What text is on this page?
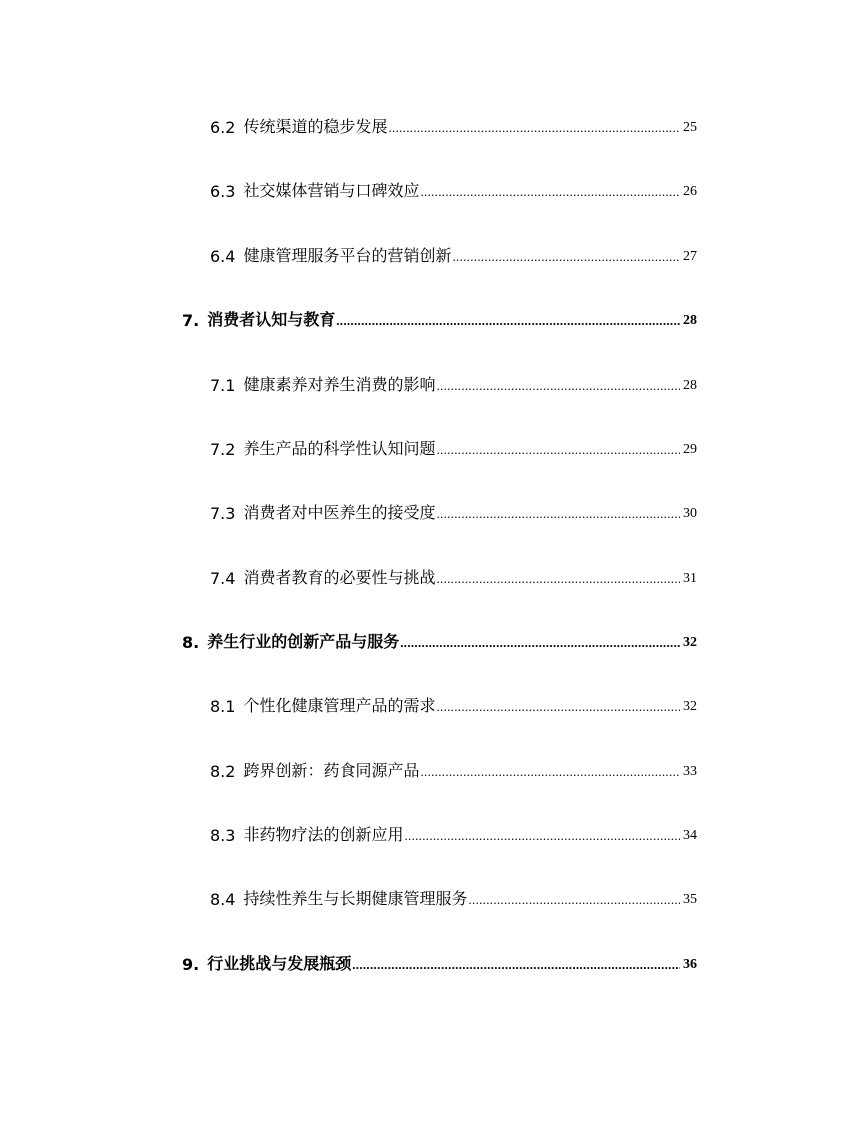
6.2 传统渠道的稳步发展 .....	25
6.3 社交媒体营销与口碑效应 .....	26
6.4 健康管理服务平台的营销创新 .....	27
7. 消费者认知与教育 .....	28
7.1 健康素养对养生消费的影响 .....	28
7.2 养生产品的科学性认知问题 .....	29
7.3 消费者对中医养生的接受度 .....	30
7.4 消费者教育的必要性与挑战 .....	31
8. 养生行业的创新产品与服务 .....	32
8.1 个性化健康管理产品的需求 .....	32
8.2 跨界创新：药食同源产品 .....	33
8.3 非药物疗法的创新应用 .....	34
8.4 持续性养生与长期健康管理服务 .....	35
9. 行业挑战与发展瓶颈 .....	36
